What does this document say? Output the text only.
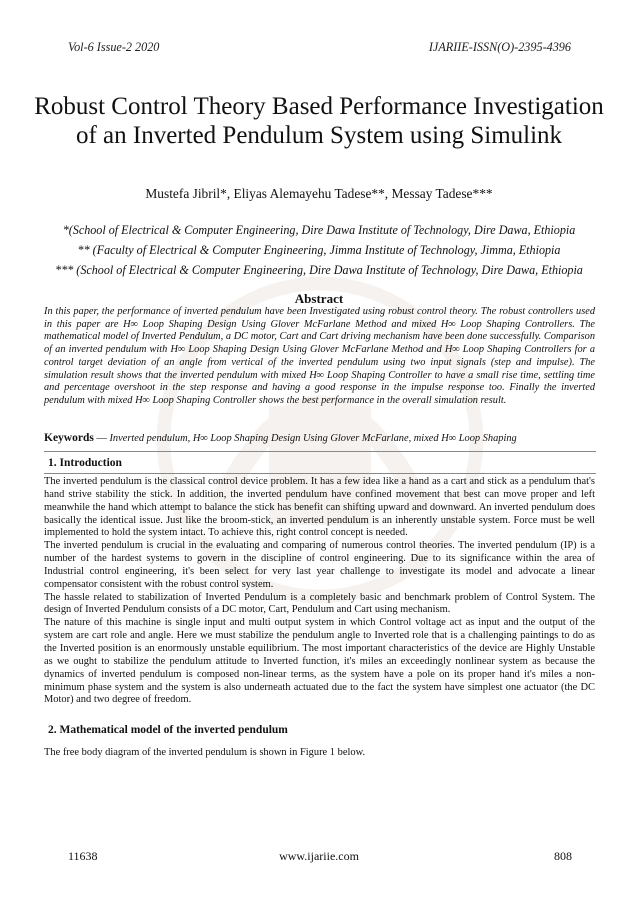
Vol-6 Issue-2 2020	IJARIIE-ISSN(O)-2395-4396
Robust Control Theory Based Performance Investigation of an Inverted Pendulum System using Simulink
Mustefa Jibril*, Eliyas Alemayehu Tadese**, Messay Tadese***
*(School of Electrical & Computer Engineering, Dire Dawa Institute of Technology, Dire Dawa, Ethiopia
** (Faculty of Electrical & Computer Engineering, Jimma Institute of Technology, Jimma, Ethiopia
*** (School of Electrical & Computer Engineering, Dire Dawa Institute of Technology, Dire Dawa, Ethiopia
Abstract
In this paper, the performance of inverted pendulum have been Investigated using robust control theory. The robust controllers used in this paper are H∞ Loop Shaping Design Using Glover McFarlane Method and mixed H∞ Loop Shaping Controllers. The mathematical model of Inverted Pendulum, a DC motor, Cart and Cart driving mechanism have been done successfully. Comparison of an inverted pendulum with H∞ Loop Shaping Design Using Glover McFarlane Method and H∞ Loop Shaping Controllers for a control target deviation of an angle from vertical of the inverted pendulum using two input signals (step and impulse). The simulation result shows that the inverted pendulum with mixed H∞ Loop Shaping Controller to have a small rise time, settling time and percentage overshoot in the step response and having a good response in the impulse response too. Finally the inverted pendulum with mixed H∞ Loop Shaping Controller shows the best performance in the overall simulation result.
Keywords — Inverted pendulum, H∞ Loop Shaping Design Using Glover McFarlane, mixed H∞ Loop Shaping
1. Introduction

The inverted pendulum is the classical control device problem. It has a few idea like a hand as a cart and stick as a pendulum that's hand strive stability the stick. In addition, the inverted pendulum have confined movement that best can move proper and left meanwhile the hand which attempt to balance the stick has benefit can shifting upward and downward. An inverted pendulum does basically the identical issue. Just like the broom-stick, an inverted pendulum is an inherently unstable system. Force must be well implemented to hold the system intact. To achieve this, right control concept is needed.

The inverted pendulum is crucial in the evaluating and comparing of numerous control theories. The inverted pendulum (IP) is a number of the hardest systems to govern in the discipline of control engineering. Due to its significance within the area of Industrial control engineering, it's been select for very last year challenge to investigate its model and advocate a linear compensator consistent with the robust control system.

The hassle related to stabilization of Inverted Pendulum is a completely basic and benchmark problem of Control System. The design of Inverted Pendulum consists of a DC motor, Cart, Pendulum and Cart using mechanism.

The nature of this machine is single input and multi output system in which Control voltage act as input and the output of the system are cart role and angle. Here we must stabilize the pendulum angle to Inverted role that is a challenging paintings to do as the Inverted position is an enormously unstable equilibrium. The most important characteristics of the device are Highly Unstable as we ought to stabilize the pendulum attitude to Inverted function, it's miles an exceedingly nonlinear system as because the dynamics of inverted pendulum is composed non-linear terms, as the system have a pole on its proper hand it's miles a non-minimum phase system and the system is also underneath actuated due to the fact the system have simplest one actuator (the DC Motor) and two degree of freedom.

2. Mathematical model of the inverted pendulum
The free body diagram of the inverted pendulum is shown in Figure 1 below.
11638	www.ijariie.com	808
